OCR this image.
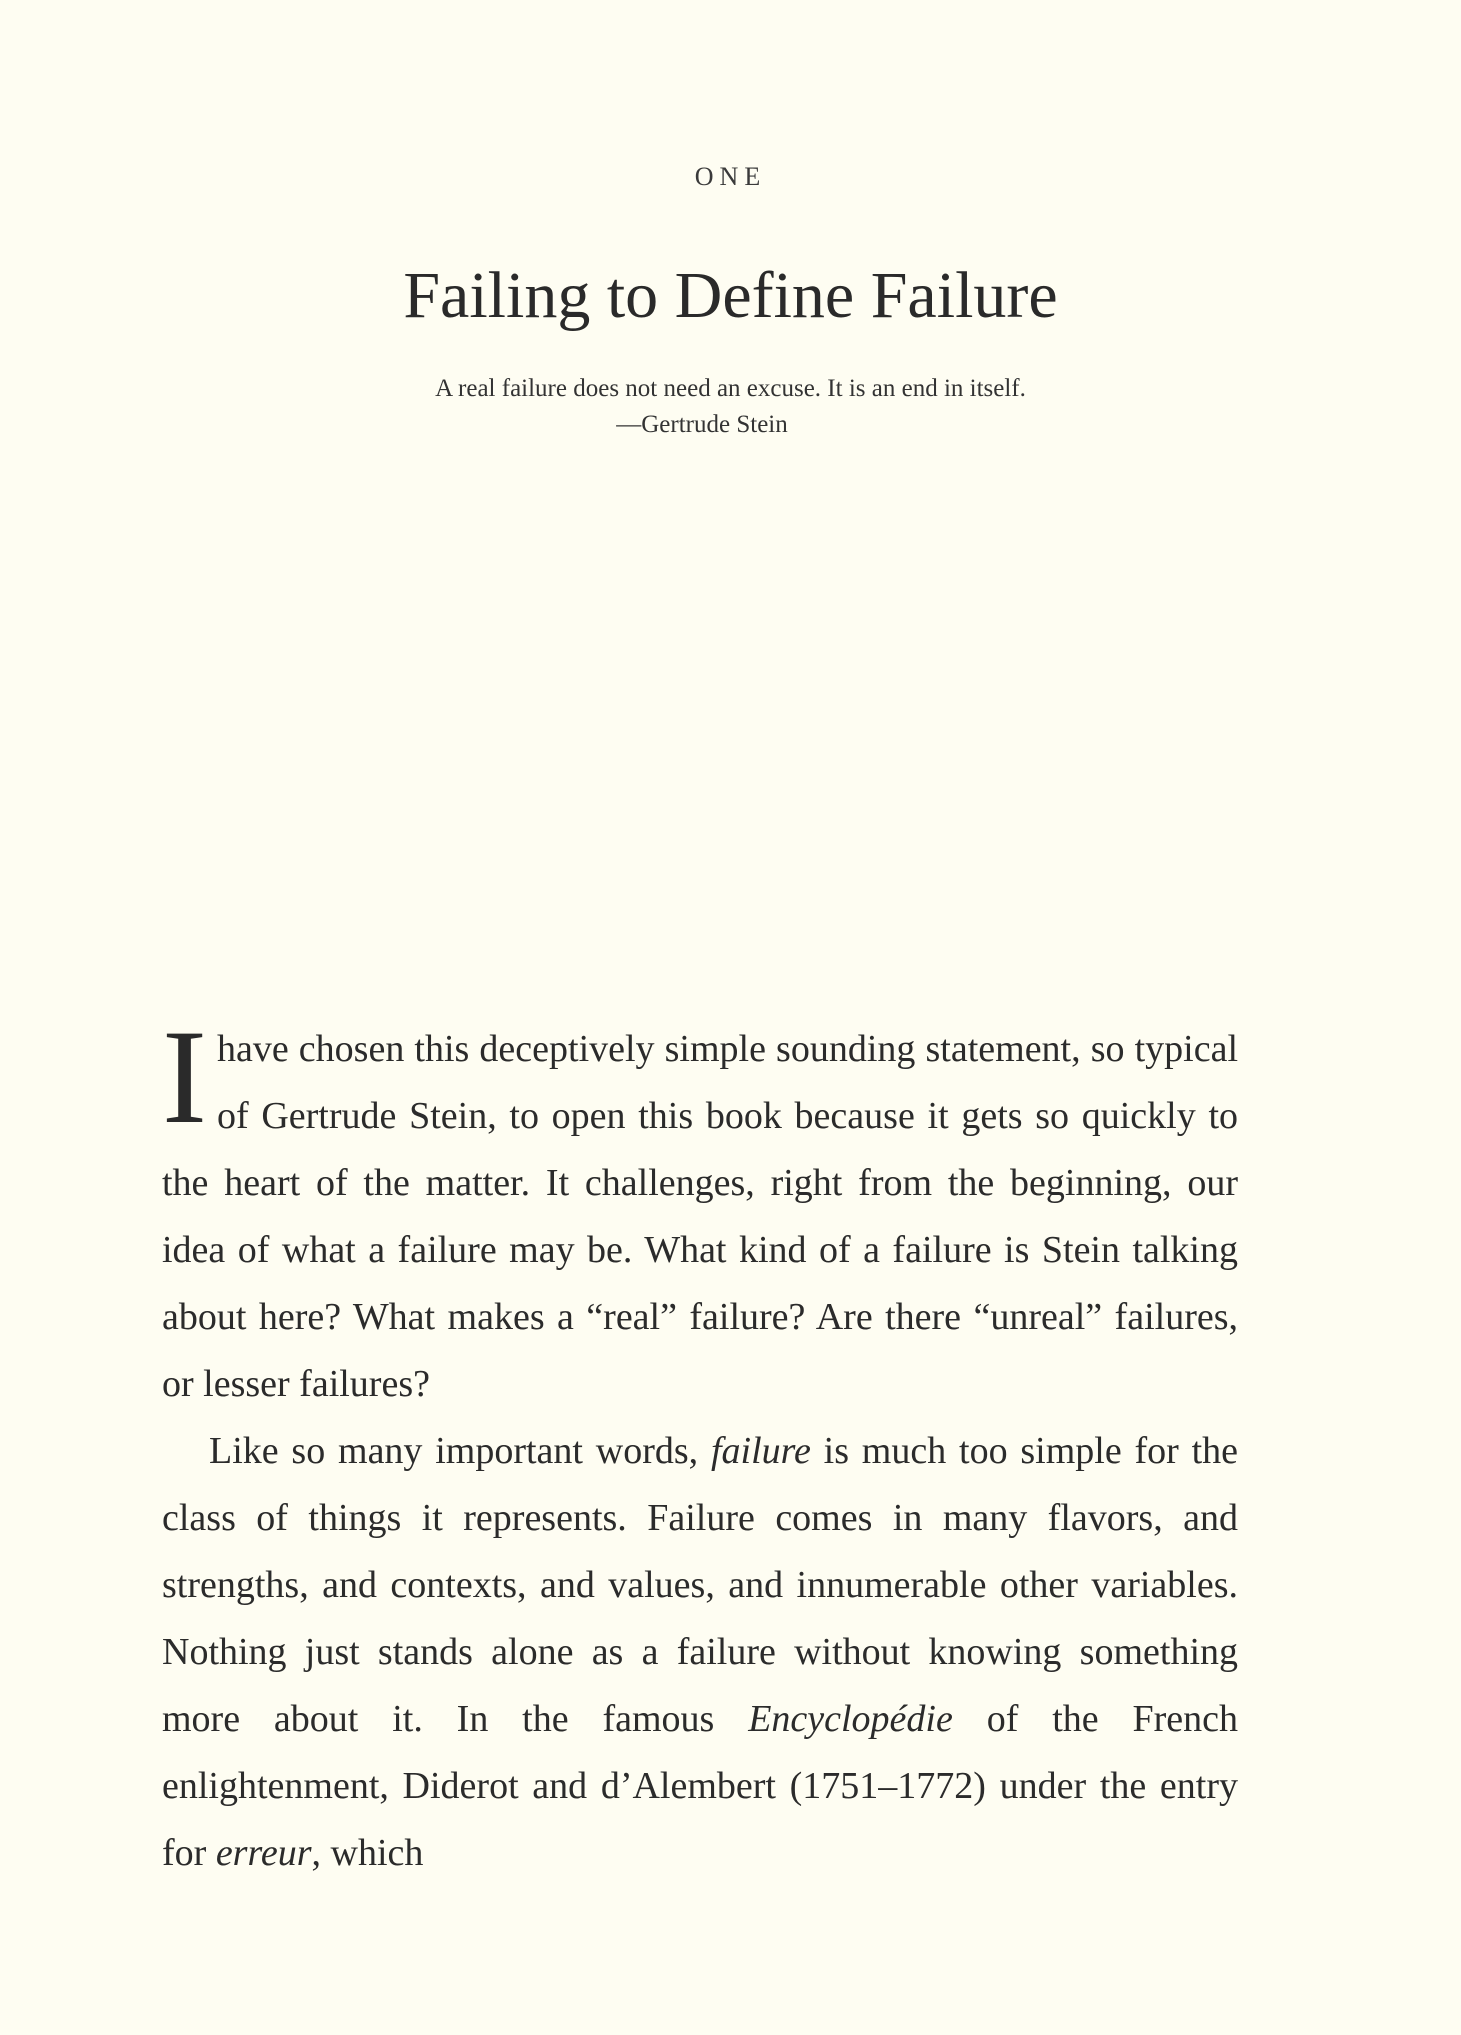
ONE
Failing to Define Failure
A real failure does not need an excuse. It is an end in itself.
—Gertrude Stein

Ihave chosen this deceptively simple sounding statement, so typical of Gertrude Stein, to open this book because it gets so quickly to the heart of the matter. It challenges, right from the beginning, our idea of what a failure may be. What kind of a failure is Stein talking about here? What makes a “real” failure? Are there “unreal” failures, or lesser failures?

Like so many important words, failure is much too simple for the class of things it represents. Failure comes in many flavors, and strengths, and contexts, and values, and innumerable other variables. Nothing just stands alone as a failure without knowing something more about it. In the famous Encyclopédie of the French enlightenment, Diderot and d’Alembert (1751–1772) under the entry for erreur, which
